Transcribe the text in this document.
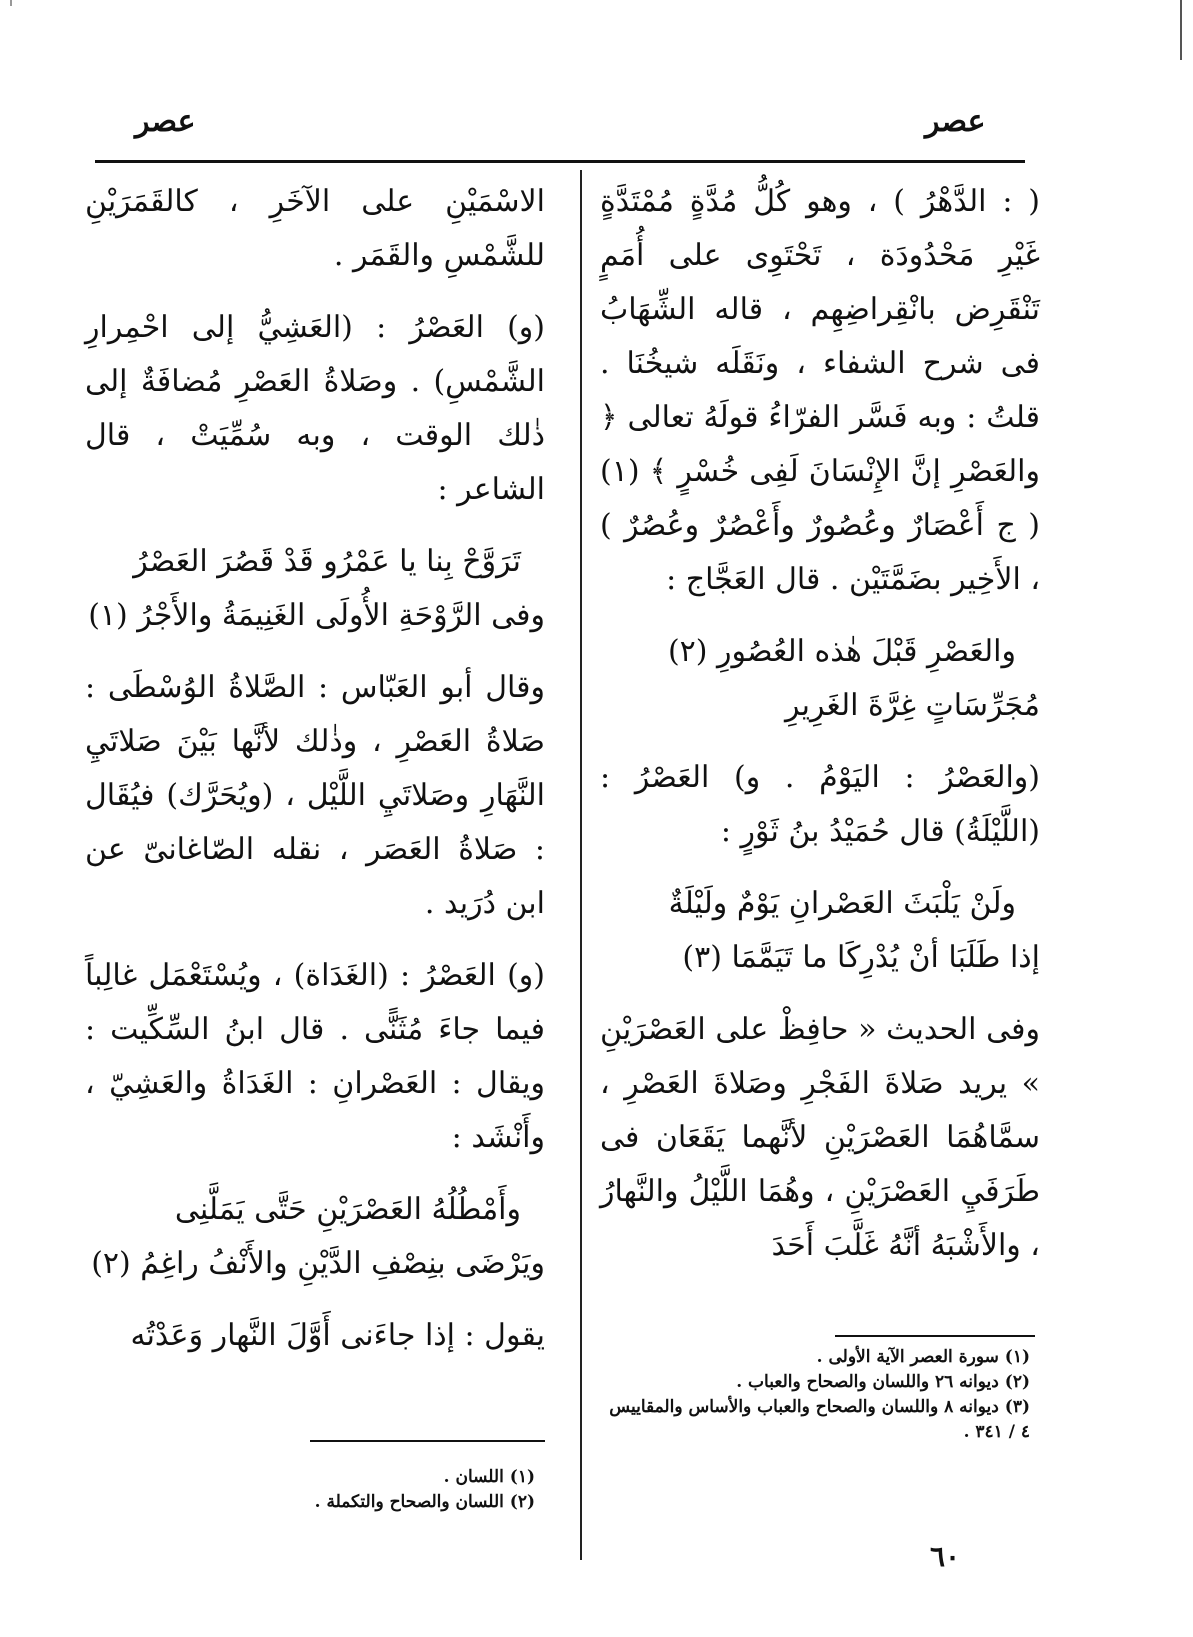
عصر
عصر

( : الدَّهْرُ ) ، وهو كُلُّ مُدَّةٍ مُمْتَدَّةٍ غَيْرِ مَحْدُودَة ، تَحْتَوِى على أُمَمٍ تَنْقَرِض بانْقِراضِهِم ، قاله الشِّهَابُ فى شرح الشفاء ، ونَقَلَه شيخُنَا . قلتُ : وبه فَسَّر الفرّاءُ قولَهُ تعالى ﴿ والعَصْرِ إنَّ الإِنْسَانَ لَفِى خُسْرٍ ﴾ (١) ( ج أَعْصَارٌ وعُصُورٌ وأَعْصُرٌ وعُصُرٌ ) ، الأَخِير بضَمَّتَيْن . قال العَجَّاج :

والعَصْرِ قَبْلَ هٰذه العُصُورِ (٢)

مُجَرِّسَاتٍ غِرَّةَ الغَرِيرِ

(والعَصْرُ : اليَوْمُ . و) العَصْرُ : (اللَّيْلَةُ) قال حُمَيْدُ بنُ ثَوْرٍ :

ولَنْ يَلْبَثَ العَصْرانِ يَوْمٌ ولَيْلَةٌ

إذا طَلَبَا أنْ يُدْرِكَا ما تَيَمَّمَا (٣)

وفى الحديث « حافِظْ على العَصْرَيْنِ » يريد صَلاةَ الفَجْرِ وصَلاةَ العَصْرِ ، سمَّاهُمَا العَصْرَيْنِ لأنَّهما يَقَعَان فى طَرَفَيِ العَصْرَيْنِ ، وهُمَا اللَّيْلُ والنَّهارُ ، والأَشْبَهُ أنَّهُ غَلَّبَ أَحَدَ

الاسْمَيْنِ على الآخَرِ ، كالقَمَرَيْنِ للشَّمْسِ والقَمَر .

(و) العَصْرُ : (العَشِيُّ إلى احْمِرارِ الشَّمْسِ) . وصَلاةُ العَصْرِ مُضافَةٌ إلى ذٰلك الوقت ، وبه سُمِّيَتْ ، قال الشاعر :

تَرَوَّحْ بِنا يا عَمْرُو قَدْ قَصُرَ العَصْرُ

وفى الرَّوْحَةِ الأُولَى الغَنِيمَةُ والأَجْرُ (١)

وقال أبو العَبّاس : الصَّلاةُ الوُسْطَى : صَلاةُ العَصْرِ ، وذٰلك لأنَّها بَيْنَ صَلاتَيِ النَّهَارِ وصَلاتَيِ اللَّيْل ، (ويُحَرَّك) فيُقَال : صَلاةُ العَصَر ، نقله الصّاغانىّ عن ابن دُرَيد .

(و) العَصْرُ : (الغَدَاة) ، ويُسْتَعْمَل غالِباً فيما جاءَ مُثَنًّى . قال ابنُ السِّكِّيت : ويقال : العَصْرانِ : الغَدَاةُ والعَشِيّ ، وأَنْشَد :

وأَمْطُلُهُ العَصْرَيْنِ حَتَّى يَمَلَّنِى

ويَرْضَى بنِصْفِ الدَّيْنِ والأَنْفُ راغِمُ (٢)

يقول : إذا جاءَنى أَوَّلَ النَّهار وَعَدْتُه

(١) سورة العصر الآية الأولى .

(٢) ديوانه ٢٦ واللسان والصحاح والعباب .

(٣) ديوانه ٨ واللسان والصحاح والعباب والأساس والمقاييس ٤ / ٣٤١ .

(١) اللسان .

(٢) اللسان والصحاح والتكملة .

٦٠
